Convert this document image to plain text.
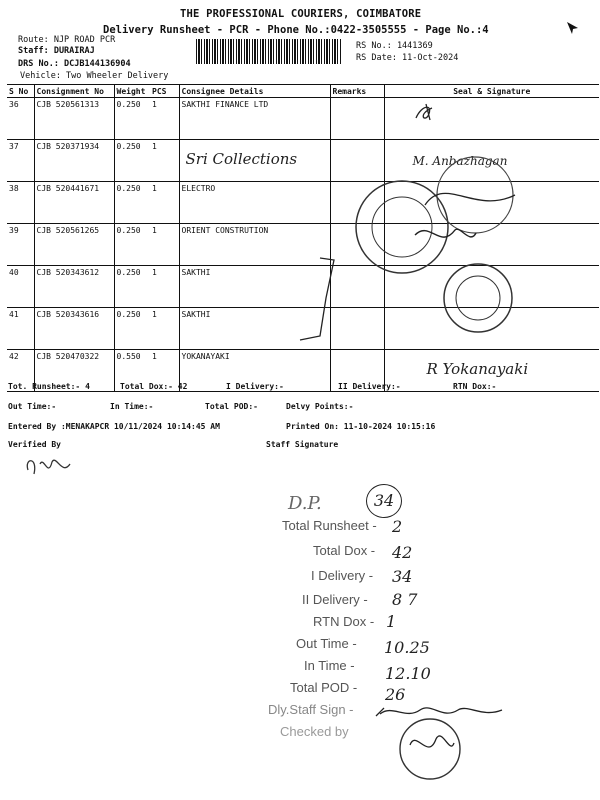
THE PROFESSIONAL COURIERS, COIMBATORE
Delivery Runsheet - PCR - Phone No.:0422-3505555 - Page No.:4
Route: NJP ROAD PCR
Staff: DURAIRAJ
DRS No.: DCJB144136904
Vehicle: Two Wheeler Delivery
RS No.: 1441369
RS Date: 11-Oct-2024
S No	Consignment No	Weight	PCS	Consignee Details	Remarks	Seal & Signature
36	CJB 520561313	0.250	1	SAKTHI FINANCE LTD		
37	CJB 520371934	0.250	1	Sri Collections		M. Anbazhagan

38	CJB 520441671	0.250	1	ELECTRO		
39	CJB 520561265	0.250	1	ORIENT CONSTRUTION		
40	CJB 520343612	0.250	1	SAKTHI		
41	CJB 520343616	0.250	1	SAKTHI		
42	CJB 520470322	0.550	1	YOKANAYAKI		R Yokanayaki
Tot. Runsheet:- 4	Total Dox:- 42	I Delivery:-	II Delivery:-	RTN Dox:-
Out Time:-	In Time:-	Total POD:-	Delvy Points:-
Entered By :MENAKAPCR 10/11/2024 10:14:45 AM	Printed On: 11-10-2024 10:15:16
Verified By	Staff Signature
D.P.	34
Total Runsheet - 2
Total Dox - 42
I Delivery - 34
II Delivery - 8 7
RTN Dox - 1
Out Time - 10.25
In Time - 12.10
Total POD - 26
Dly.Staff Sign -
Checked by
